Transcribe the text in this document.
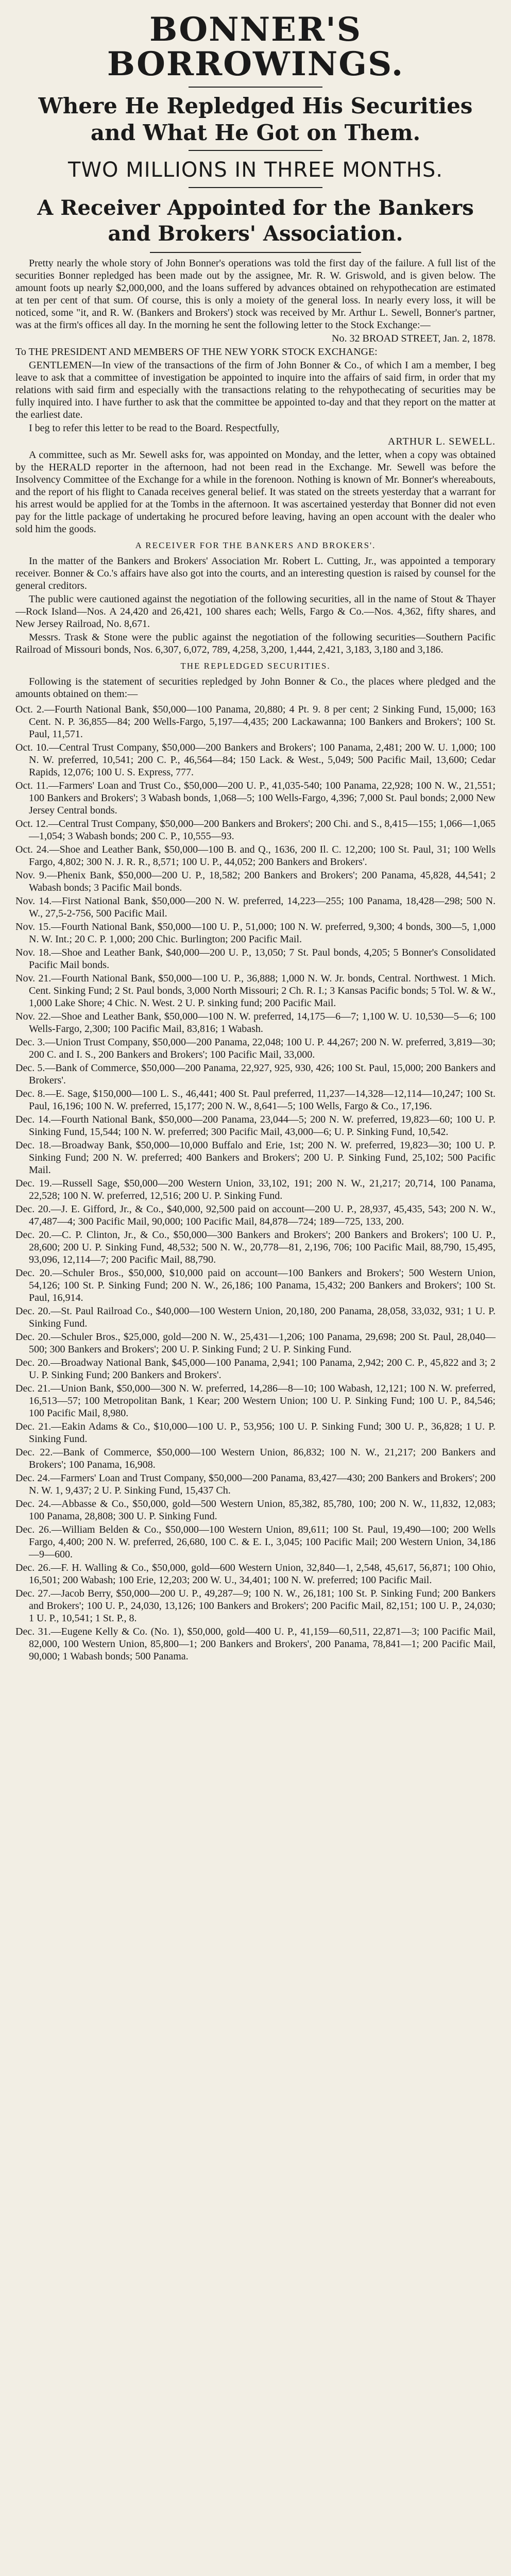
BONNER'S BORROWINGS.
Where He Repledged His Securities and What He Got on Them.
TWO MILLIONS IN THREE MONTHS.
A Receiver Appointed for the Bankers and Brokers' Association.

Pretty nearly the whole story of John Bonner's operations was told the first day of the failure. A full list of the securities Bonner repledged has been made out by the assignee, Mr. R. W. Griswold, and is given below. The amount foots up nearly $2,000,000, and the loans suffered by advances obtained on rehypothecation are estimated at ten per cent of that sum. Of course, this is only a moiety of the general loss. In nearly every loss, it will be noticed, some "it, and R. W. (Bankers and Brokers') stock was received by Mr. Arthur L. Sewell, Bonner's partner, was at the firm's offices all day. In the morning he sent the following letter to the Stock Exchange:—

No. 32 BROAD STREET, Jan. 2, 1878.

To THE PRESIDENT AND MEMBERS OF THE NEW YORK STOCK EXCHANGE:

GENTLEMEN—In view of the transactions of the firm of John Bonner & Co., of which I am a member, I beg leave to ask that a committee of investigation be appointed to inquire into the affairs of said firm, in order that my relations with said firm and especially with the transactions relating to the rehypothecating of securities may be fully inquired into. I have further to ask that the committee be appointed to-day and that they report on the matter at the earliest date.

I beg to refer this letter to be read to the Board. Respectfully,

ARTHUR L. SEWELL.

A committee, such as Mr. Sewell asks for, was appointed on Monday, and the letter, when a copy was obtained by the HERALD reporter in the afternoon, had not been read in the Exchange. Mr. Sewell was before the Insolvency Committee of the Exchange for a while in the forenoon. Nothing is known of Mr. Bonner's whereabouts, and the report of his flight to Canada receives general belief. It was stated on the streets yesterday that a warrant for his arrest would be applied for at the Tombs in the afternoon. It was ascertained yesterday that Bonner did not even pay for the little package of undertaking he procured before leaving, having an open account with the dealer who sold him the goods.

A RECEIVER FOR THE BANKERS AND BROKERS'.

In the matter of the Bankers and Brokers' Association Mr. Robert L. Cutting, Jr., was appointed a temporary receiver. Bonner & Co.'s affairs have also got into the courts, and an interesting question is raised by counsel for the general creditors.

The public were cautioned against the negotiation of the following securities, all in the name of Stout & Thayer—Rock Island—Nos. A 24,420 and 26,421, 100 shares each; Wells, Fargo & Co.—Nos. 4,362, fifty shares, and New Jersey Railroad, No. 8,671.

Messrs. Trask & Stone were the public against the negotiation of the following securities—Southern Pacific Railroad of Missouri bonds, Nos. 6,307, 6,072, 789, 4,258, 3,200, 1,444, 2,421, 3,183, 3,180 and 3,186.

THE REPLEDGED SECURITIES.

Following is the statement of securities repledged by John Bonner & Co., the places where pledged and the amounts obtained on them:—

Oct. 2.—Fourth National Bank, $50,000—100 Panama, 20,880; 4 Pt. 9. 8 per cent; 2 Sinking Fund, 15,000; 163 Cent. N. P. 36,855—84; 200 Wells-Fargo, 5,197—4,435; 200 Lackawanna; 100 Bankers and Brokers'; 100 St. Paul, 11,571.

Oct. 10.—Central Trust Company, $50,000—200 Bankers and Brokers'; 100 Panama, 2,481; 200 W. U. 1,000; 100 N. W. preferred, 10,541; 200 C. P., 46,564—84; 150 Lack. & West., 5,049; 500 Pacific Mail, 13,600; Cedar Rapids, 12,076; 100 U. S. Express, 777.

Oct. 11.—Farmers' Loan and Trust Co., $50,000—200 U. P., 41,035-540; 100 Panama, 22,928; 100 N. W., 21,551; 100 Bankers and Brokers'; 3 Wabash bonds, 1,068—5; 100 Wells-Fargo, 4,396; 7,000 St. Paul bonds; 2,000 New Jersey Central bonds.

Oct. 12.—Central Trust Company, $50,000—200 Bankers and Brokers'; 200 Chi. and S., 8,415—155; 1,066—1,065—1,054; 3 Wabash bonds; 200 C. P., 10,555—93.

Oct. 24.—Shoe and Leather Bank, $50,000—100 B. and Q., 1636, 200 Il. C. 12,200; 100 St. Paul, 31; 100 Wells Fargo, 4,802; 300 N. J. R. R., 8,571; 100 U. P., 44,052; 200 Bankers and Brokers'.

Nov. 9.—Phenix Bank, $50,000—200 U. P., 18,582; 200 Bankers and Brokers'; 200 Panama, 45,828, 44,541; 2 Wabash bonds; 3 Pacific Mail bonds.

Nov. 14.—First National Bank, $50,000—200 N. W. preferred, 14,223—255; 100 Panama, 18,428—298; 500 N. W., 27,5-2-756, 500 Pacific Mail.

Nov. 15.—Fourth National Bank, $50,000—100 U. P., 51,000; 100 N. W. preferred, 9,300; 4 bonds, 300—5, 1,000 N. W. Int.; 20 C. P. 1,000; 200 Chic. Burlington; 200 Pacific Mail.

Nov. 18.—Shoe and Leather Bank, $40,000—200 U. P., 13,050; 7 St. Paul bonds, 4,205; 5 Bonner's Consolidated Pacific Mail bonds.

Nov. 21.—Fourth National Bank, $50,000—100 U. P., 36,888; 1,000 N. W. Jr. bonds, Central. Northwest. 1 Mich. Cent. Sinking Fund; 2 St. Paul bonds, 3,000 North Missouri; 2 Ch. R. I.; 3 Kansas Pacific bonds; 5 Tol. W. & W., 1,000 Lake Shore; 4 Chic. N. West. 2 U. P. sinking fund; 200 Pacific Mail.

Nov. 22.—Shoe and Leather Bank, $50,000—100 N. W. preferred, 14,175—6—7; 1,100 W. U. 10,530—5—6; 100 Wells-Fargo, 2,300; 100 Pacific Mail, 83,816; 1 Wabash.

Dec. 3.—Union Trust Company, $50,000—200 Panama, 22,048; 100 U. P. 44,267; 200 N. W. preferred, 3,819—30; 200 C. and I. S., 200 Bankers and Brokers'; 100 Pacific Mail, 33,000.

Dec. 5.—Bank of Commerce, $50,000—200 Panama, 22,927, 925, 930, 426; 100 St. Paul, 15,000; 200 Bankers and Brokers'.

Dec. 8.—E. Sage, $150,000—100 L. S., 46,441; 400 St. Paul preferred, 11,237—14,328—12,114—10,247; 100 St. Paul, 16,196; 100 N. W. preferred, 15,177; 200 N. W., 8,641—5; 100 Wells, Fargo & Co., 17,196.

Dec. 14.—Fourth National Bank, $50,000—200 Panama, 23,044—5; 200 N. W. preferred, 19,823—60; 100 U. P. Sinking Fund, 15,544; 100 N. W. preferred; 300 Pacific Mail, 43,000—6; U. P. Sinking Fund, 10,542.

Dec. 18.—Broadway Bank, $50,000—10,000 Buffalo and Erie, 1st; 200 N. W. preferred, 19,823—30; 100 U. P. Sinking Fund; 200 N. W. preferred; 400 Bankers and Brokers'; 200 U. P. Sinking Fund, 25,102; 500 Pacific Mail.

Dec. 19.—Russell Sage, $50,000—200 Western Union, 33,102, 191; 200 N. W., 21,217; 20,714, 100 Panama, 22,528; 100 N. W. preferred, 12,516; 200 U. P. Sinking Fund.

Dec. 20.—J. E. Gifford, Jr., & Co., $40,000, 92,500 paid on account—200 U. P., 28,937, 45,435, 543; 200 N. W., 47,487—4; 300 Pacific Mail, 90,000; 100 Pacific Mail, 84,878—724; 189—725, 133, 200.

Dec. 20.—C. P. Clinton, Jr., & Co., $50,000—300 Bankers and Brokers'; 200 Bankers and Brokers'; 100 U. P., 28,600; 200 U. P. Sinking Fund, 48,532; 500 N. W., 20,778—81, 2,196, 706; 100 Pacific Mail, 88,790, 15,495, 93,096, 12,114—7; 200 Pacific Mail, 88,790.

Dec. 20.—Schuler Bros., $50,000, $10,000 paid on account—100 Bankers and Brokers'; 500 Western Union, 54,126; 100 St. P. Sinking Fund; 200 N. W., 26,186; 100 Panama, 15,432; 200 Bankers and Brokers'; 100 St. Paul, 16,914.

Dec. 20.—St. Paul Railroad Co., $40,000—100 Western Union, 20,180, 200 Panama, 28,058, 33,032, 931; 1 U. P. Sinking Fund.

Dec. 20.—Schuler Bros., $25,000, gold—200 N. W., 25,431—1,206; 100 Panama, 29,698; 200 St. Paul, 28,040—500; 300 Bankers and Brokers'; 200 U. P. Sinking Fund; 2 U. P. Sinking Fund.

Dec. 20.—Broadway National Bank, $45,000—100 Panama, 2,941; 100 Panama, 2,942; 200 C. P., 45,822 and 3; 2 U. P. Sinking Fund; 200 Bankers and Brokers'.

Dec. 21.—Union Bank, $50,000—300 N. W. preferred, 14,286—8—10; 100 Wabash, 12,121; 100 N. W. preferred, 16,513—57; 100 Metropolitan Bank, 1 Kear; 200 Western Union; 100 U. P. Sinking Fund; 100 U. P., 84,546; 100 Pacific Mail, 8,980.

Dec. 21.—Eakin Adams & Co., $10,000—100 U. P., 53,956; 100 U. P. Sinking Fund; 300 U. P., 36,828; 1 U. P. Sinking Fund.

Dec. 22.—Bank of Commerce, $50,000—100 Western Union, 86,832; 100 N. W., 21,217; 200 Bankers and Brokers'; 100 Panama, 16,908.

Dec. 24.—Farmers' Loan and Trust Company, $50,000—200 Panama, 83,427—430; 200 Bankers and Brokers'; 200 N. W. 1, 9,437; 2 U. P. Sinking Fund, 15,437 Ch.

Dec. 24.—Abbasse & Co., $50,000, gold—500 Western Union, 85,382, 85,780, 100; 200 N. W., 11,832, 12,083; 100 Panama, 28,808; 300 U. P. Sinking Fund.

Dec. 26.—William Belden & Co., $50,000—100 Western Union, 89,611; 100 St. Paul, 19,490—100; 200 Wells Fargo, 4,400; 200 N. W. preferred, 26,680, 100 C. & E. I., 3,045; 100 Pacific Mail; 200 Western Union, 34,186—9—600.

Dec. 26.—F. H. Walling & Co., $50,000, gold—600 Western Union, 32,840—1, 2,548, 45,617, 56,871; 100 Ohio, 16,501; 200 Wabash; 100 Erie, 12,203; 200 W. U., 34,401; 100 N. W. preferred; 100 Pacific Mail.

Dec. 27.—Jacob Berry, $50,000—200 U. P., 49,287—9; 100 N. W., 26,181; 100 St. P. Sinking Fund; 200 Bankers and Brokers'; 100 U. P., 24,030, 13,126; 100 Bankers and Brokers'; 200 Pacific Mail, 82,151; 100 U. P., 24,030; 1 U. P., 10,541; 1 St. P., 8.

Dec. 31.—Eugene Kelly & Co. (No. 1), $50,000, gold—400 U. P., 41,159—60,511, 22,871—3; 100 Pacific Mail, 82,000, 100 Western Union, 85,800—1; 200 Bankers and Brokers', 200 Panama, 78,841—1; 200 Pacific Mail, 90,000; 1 Wabash bonds; 500 Panama.
